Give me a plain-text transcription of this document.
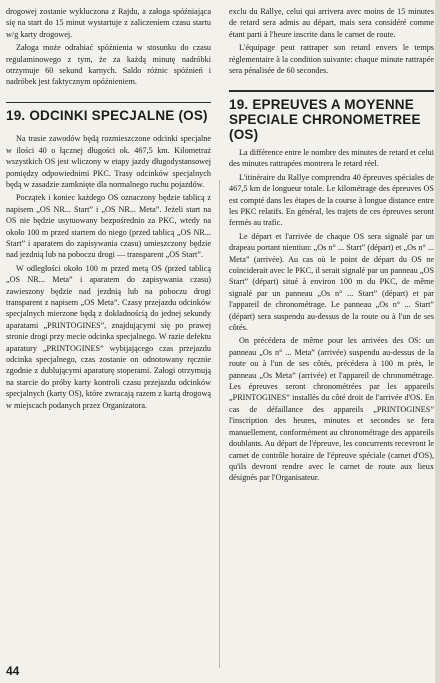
drogowej zostanie wykluczona z Rajdu, a załoga spóźniająca się na start do 15 minut wystartuje z zaliczeniem czasu startu w/g karty drogowej.

Załoga może odrabiać spóźnienia w stosunku do czasu regulaminowego z tym, że za każdą minutę nadróbki otrzymuje 60 sekund karnych. Saldo różnic spóźnień i nadróbek jest faktycznym opóźnieniem.

19. ODCINKI SPECJALNE (OS)

Na trasie zawodów będą rozmieszczone odcinki specjalne w ilości 40 o łącznej długości ok. 467,5 km. Kilometraż wszystkich OS jest wliczony w etapy jazdy długodystansowej pomiędzy odpowiednimi PKC. Trasy odcinków specjalnych będą w zasadzie zamknięte dla normalnego ruchu pojazdów.

Początek i koniec każdego OS oznaczony będzie tablicą z napisem „OS NR... Start” i „OS NR... Meta”. Jeżeli start na OS nie będzie usytuowany bezpośrednio za PKC, wtedy na około 100 m przed startem do niego (przed tablicą „OS NR... Start” i aparatem do zapisywania czasu) umieszczony będzie nad jezdnią lub na poboczu drogi — transparent „OS Start”.

W odległości około 100 m przed metą OS (przed tablicą „OS NR... Meta” i aparatem do zapisywania czasu) zawieszony będzie nad jezdnią lub na poboczu drogi transparent z napisem „OS Meta”. Czasy przejazdu odcinków specjalnych mierzone będą z dokładnością do jednej sekundy aparatami „PRINTOGINES”, znajdującymi się po prawej stronie drogi przy mecie odcinka specjalnego. W razie defektu aparatury „PRINTOGINES” wybijającego czas przejazdu odcinka specjalnego, czas zostanie on odnotowany ręcznie zgodnie z dublującymi aparaturę stoperami. Załogi otrzymują na starcie do próby karty kontroli czasu przejazdu odcinków specjalnych (karty OS), które zwracają razem z kartą drogową w miejscach podanych przez Organizatora.

exclu du Rallye, celui qui arrivera avec moins de 15 minutes de retard sera admis au départ, mais sera considéré comme étant parti à l'heure inscrite dans le carnet de route.

L'équipage peut rattraper son retard envers le temps réglementaire à la condition suivante: chaque minute rattrapée sera pénalisée de 60 secondes.

19. EPREUVES A MOYENNE SPECIALE CHRONOMETREE (OS)

La différence entre le nombre des minutes de retard et celui des minutes rattrapées montrera le retard réel.

L'itinéraire du Rallye comprendra 40 épreuves spéciales de 467,5 km de longueur totale. Le kilométrage des épreuves OS est compté dans les étapes de la course à longue distance entre les PKC relatifs. En général, les trajets de ces épreuves seront fermés au trafic.

Le départ et l'arrivée de chaque OS sera signalé par un drapeau portant nientiun: „Os n° ... Start” (départ) et „Os n° ... Meta” (arrivée). Au cas où le point de départ du OS ne coïnciderait avec le PKC, il serait signalé par un panneau „OS Start” (départ) situé à environ 100 m du PKC, de même signalé par un panneau „Os n° ... Start” (départ) et par l'appareil de chronométrage. Le panneau „Os n° ... Start” (départ) sera suspendu au-dessus de la route ou à l'un de ses côtés.

On précédera de même pour les arrivées des OS: un panneau „Os n° ... Meta” (arrivée) suspendu au-dessus de la route ou à l'un de ses côtés, précédera à 100 m près, le panneau „Os Meta” (arrivée) et l'appareil de chronométrage. Les épreuves seront chronométrées par les appareils „PRINTOGINES” installés du côté droit de l'arrivée d'OS. En cas de défaillance des appareils „PRINTOGINES” l'inscription des heures, minutes et secondes se fera manuellement, conformément au chronométrage des appareils doublants. Au départ de l'épreuve, les concurrents recevront le carnet de contrôle horaire de l'épreuve spéciale (carnet d'OS), qu'ils devront rendre avec le carnet de route aux lieux désignés par l'Organisateur.

44
